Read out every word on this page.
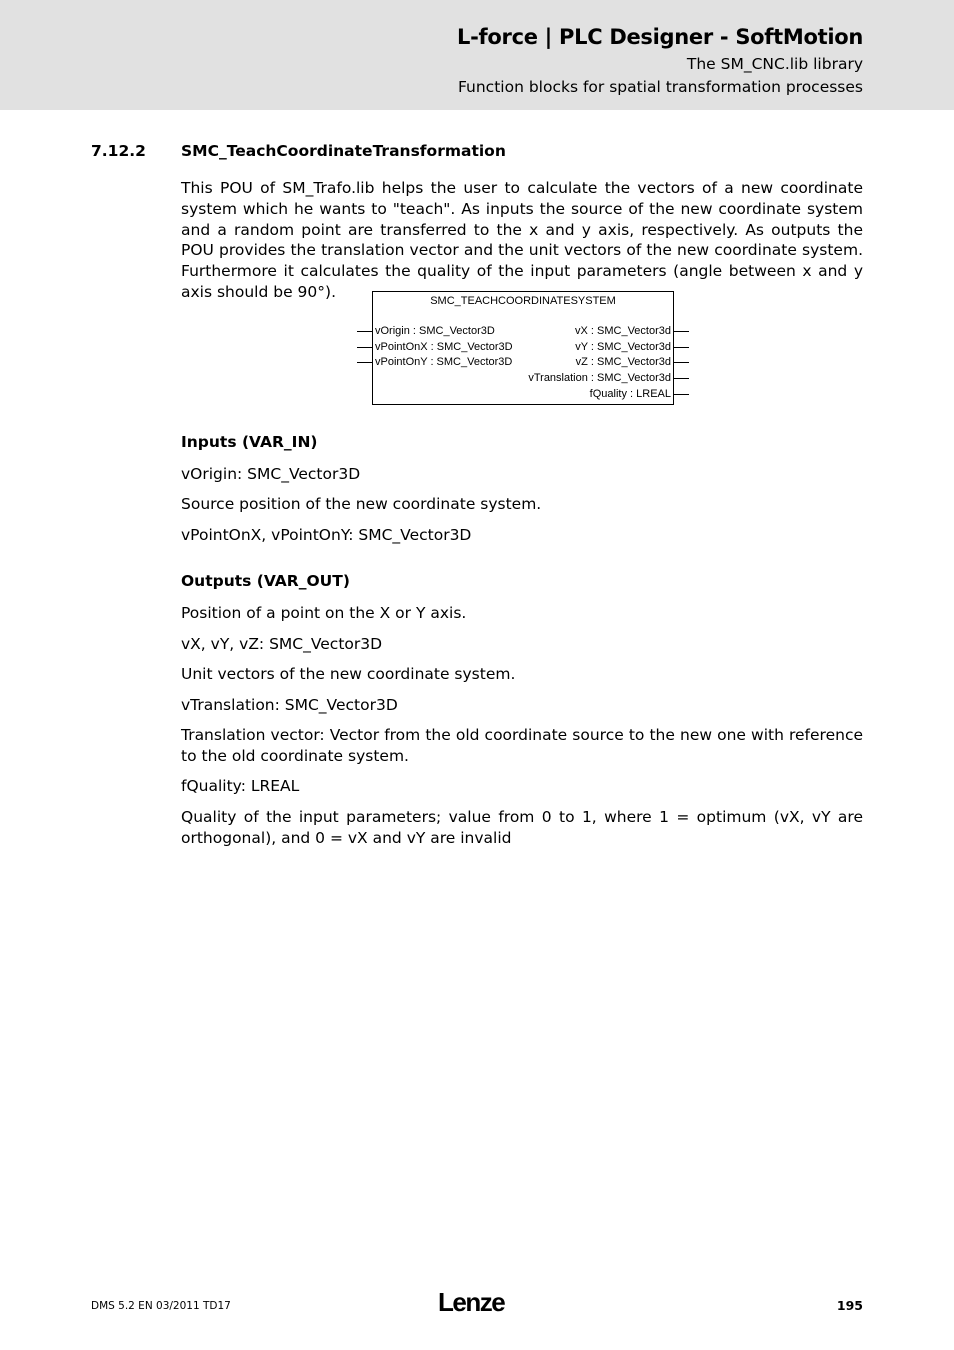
L-force | PLC Designer - SoftMotion
The SM_CNC.lib library
Function blocks for spatial transformation processes
7.12.2 SMC_TeachCoordinateTransformation
This POU of SM_Trafo.lib helps the user to calculate the vectors of a new coordinate system which he wants to "teach". As inputs the source of the new coordinate system and a random point are transferred to the x and y axis, respectively. As outputs the POU provides the translation vector and the unit vectors of the new coordinate system. Furthermore it calculates the quality of the input parameters (angle between x and y axis should be 90°).
SMC_TEACHCOORDINATESYSTEM
vOrigin : SMC_Vector3D
vPointOnX : SMC_Vector3D
vPointOnY : SMC_Vector3D
vX : SMC_Vector3d
vY : SMC_Vector3d
vZ : SMC_Vector3d
vTranslation : SMC_Vector3d
fQuality : LREAL
Inputs (VAR_IN)
vOrigin: SMC_Vector3D
Source position of the new coordinate system.
vPointOnX, vPointOnY: SMC_Vector3D
Outputs (VAR_OUT)
Position of a point on the X or Y axis.
vX, vY, vZ: SMC_Vector3D
Unit vectors of the new coordinate system.
vTranslation: SMC_Vector3D
Translation vector: Vector from the old coordinate source to the new one with reference to the old coordinate system.
fQuality: LREAL
Quality of the input parameters; value from 0 to 1, where 1 = optimum (vX, vY are orthogonal), and 0 = vX and vY are invalid
DMS 5.2 EN 03/2011 TD17	Lenze	195
